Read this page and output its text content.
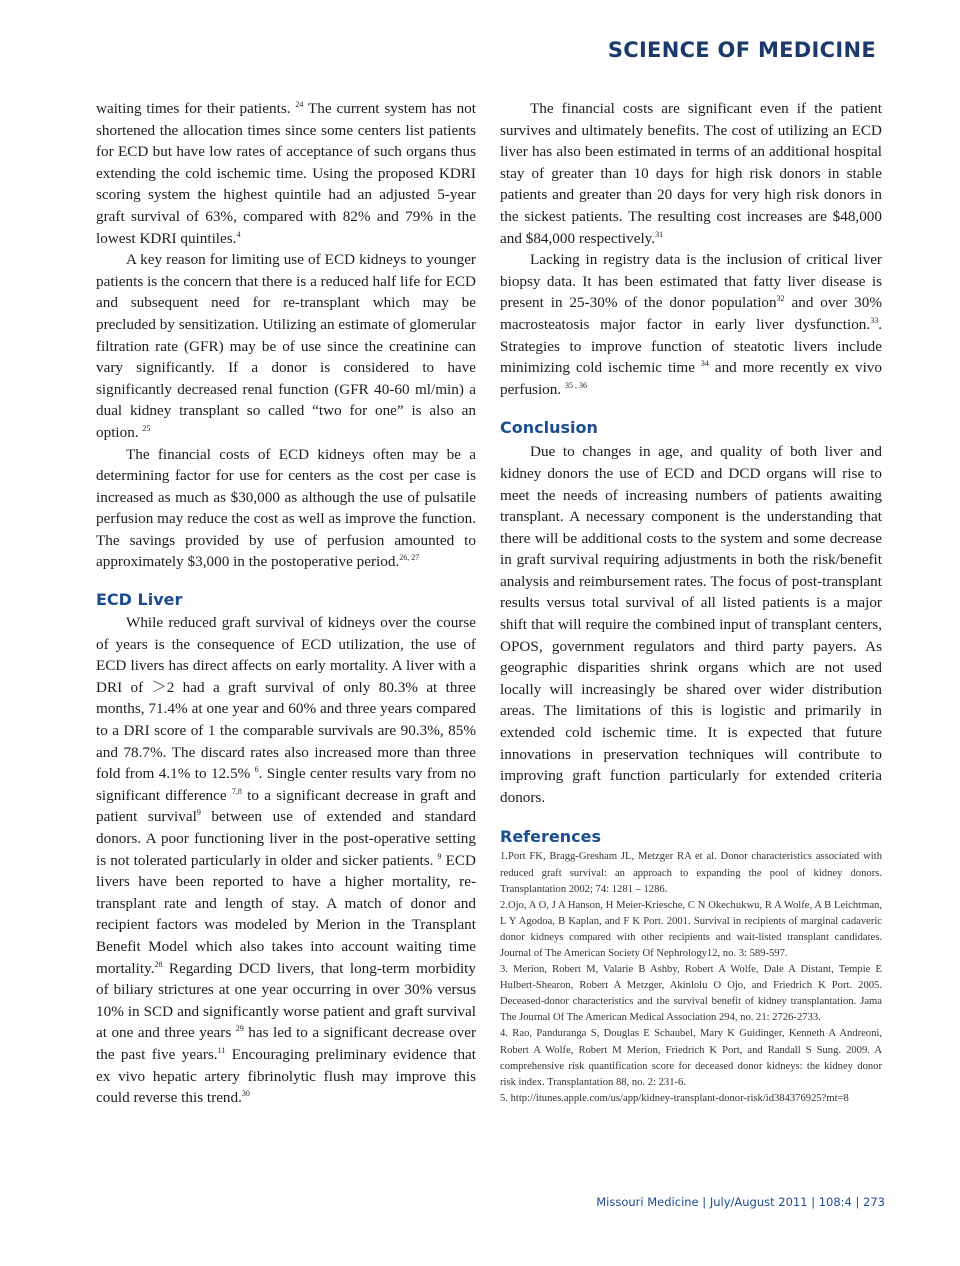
SCIENCE OF MEDICINE

waiting times for their patients. $^{24}$ The current system has not shortened the allocation times since some centers list patients for ECD but have low rates of acceptance of such organs thus extending the cold ischemic time. Using the proposed KDRI scoring system the highest quintile had an adjusted 5-year graft survival of 63%, compared with 82% and 79% in the lowest KDRI quintiles.$^4$

A key reason for limiting use of ECD kidneys to younger patients is the concern that there is a reduced half life for ECD and subsequent need for re-transplant which may be precluded by sensitization. Utilizing an estimate of glomerular filtration rate (GFR) may be of use since the creatinine can vary significantly. If a donor is considered to have significantly decreased renal function (GFR 40-60 ml/min) a dual kidney transplant so called “two for one” is also an option. $^{25}$

The financial costs of ECD kidneys often may be a determining factor for use for centers as the cost per case is increased as much as $30,000 as although the use of pulsatile perfusion may reduce the cost as well as improve the function. The savings provided by use of perfusion amounted to approximately $3,000 in the postoperative period.$^{26, 27}$

ECD Liver

While reduced graft survival of kidneys over the course of years is the consequence of ECD utilization, the use of ECD livers has direct affects on early mortality. A liver with a DRI of ＞2 had a graft survival of only 80.3% at three months, 71.4% at one year and 60% and three years compared to a DRI score of 1 the comparable survivals are 90.3%, 85% and 78.7%. The discard rates also increased more than three fold from 4.1% to 12.5% $^6$. Single center results vary from no significant difference $^{7,8}$ to a significant decrease in graft and patient survival$^9$ between use of extended and standard donors. A poor functioning liver in the post-operative setting is not tolerated particularly in older and sicker patients. $^9$ ECD livers have been reported to have a higher mortality, re-transplant rate and length of stay. A match of donor and recipient factors was modeled by Merion in the Transplant Benefit Model which also takes into account waiting time mortality.$^{28}$ Regarding DCD livers, that long-term morbidity of biliary strictures at one year occurring in over 30% versus 10% in SCD and significantly worse patient and graft survival at one and three years $^{29}$ has led to a significant decrease over the past five years.$^{11}$ Encouraging preliminary evidence that ex vivo hepatic artery fibrinolytic flush may improve this could reverse this trend.$^{30}$

The financial costs are significant even if the patient survives and ultimately benefits. The cost of utilizing an ECD liver has also been estimated in terms of an additional hospital stay of greater than 10 days for high risk donors in stable patients and greater than 20 days for very high risk donors in the sickest patients. The resulting cost increases are $48,000 and $84,000 respectively.$^{31}$

Lacking in registry data is the inclusion of critical liver biopsy data. It has been estimated that fatty liver disease is present in 25-30% of the donor population$^{32}$ and over 30% macrosteatosis major factor in early liver dysfunction.$^{33}$. Strategies to improve function of steatotic livers include minimizing cold ischemic time $^{34}$ and more recently ex vivo perfusion. $^{35 , 36}$

Conclusion

Due to changes in age, and quality of both liver and kidney donors the use of ECD and DCD organs will rise to meet the needs of increasing numbers of patients awaiting transplant. A necessary component is the understanding that there will be additional costs to the system and some decrease in graft survival requiring adjustments in both the risk/benefit analysis and reimbursement rates. The focus of post-transplant results versus total survival of all listed patients is a major shift that will require the combined input of transplant centers, OPOS, government regulators and third party payers. As geographic disparities shrink organs which are not used locally will increasingly be shared over wider distribution areas. The limitations of this is logistic and primarily in extended cold ischemic time. It is expected that future innovations in preservation techniques will contribute to improving graft function particularly for extended criteria donors.

References

1.Port FK, Bragg-Gresham JL, Metzger RA et al. Donor characteristics associated with reduced graft survival: an approach to expanding the pool of kidney donors. Transplantation 2002; 74: 1281 – 1286.

2.Ojo, A O, J A Hanson, H Meier-Kriesche, C N Okechukwu, R A Wolfe, A B Leichtman, L Y Agodoa, B Kaplan, and F K Port. 2001. Survival in recipients of marginal cadaveric donor kidneys compared with other recipients and wait-listed transplant candidates. Journal of The American Society Of Nephrology12, no. 3: 589-597.

3. Merion, Robert M, Valarie B Ashby, Robert A Wolfe, Dale A Distant, Tempie E Hulbert-Shearon, Robert A Metzger, Akinlolu O Ojo, and Friedrich K Port. 2005. Deceased-donor characteristics and the survival benefit of kidney transplantation. Jama The Journal Of The American Medical Association 294, no. 21: 2726-2733.

4. Rao, Panduranga S, Douglas E Schaubel, Mary K Guidinger, Kenneth A Andreoni, Robert A Wolfe, Robert M Merion, Friedrich K Port, and Randall S Sung. 2009. A comprehensive risk quantification score for deceased donor kidneys: the kidney donor risk index. Transplantation 88, no. 2: 231-6.

5. http://itunes.apple.com/us/app/kidney-transplant-donor-risk/id384376925?mt=8

Missouri Medicine | July/August 2011 | 108:4 | 273
